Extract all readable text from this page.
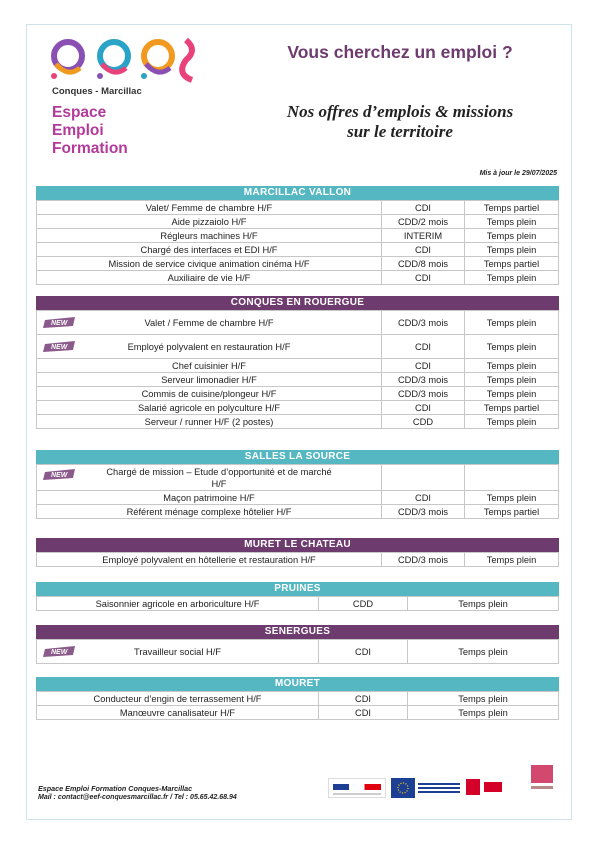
Conques - Marcillac
Espace
Emploi
Formation
Vous cherchez un emploi ?
Nos offres d’emplois & missions
sur le territoire
Mis à jour le 29/07/2025
MARCILLAC VALLON
Valet/ Femme de chambre H/F	CDI	Temps partiel
Aide pizzaiolo H/F	CDD/2 mois	Temps plein
Régleurs machines H/F	INTERIM	Temps plein
Chargé des interfaces et EDI H/F	CDI	Temps plein
Mission de service civique animation cinéma H/F	CDD/8 mois	Temps partiel
Auxiliaire de vie H/F	CDI	Temps plein
CONQUES EN ROUERGUE
NEW Valet / Femme de chambre H/F	CDD/3 mois	Temps plein

NEW Employé polyvalent en restauration H/F	CDI	Temps plein
Chef cuisinier H/F	CDI	Temps plein
Serveur limonadier H/F	CDD/3 mois	Temps plein
Commis de cuisine/plongeur H/F	CDD/3 mois	Temps plein
Salarié agricole en polyculture H/F	CDI	Temps partiel
Serveur / runner H/F (2 postes)	CDD	Temps plein
SALLES LA SOURCE
NEW Chargé de mission – Etude d’opportunité et de marché H/F		

Maçon patrimoine H/F	CDI	Temps plein
Référent ménage complexe hôtelier H/F	CDD/3 mois	Temps partiel
MURET LE CHATEAU
Employé polyvalent en hôtellerie et restauration H/F	CDD/3 mois	Temps plein
PRUINES
Saisonnier agricole en arboriculture H/F	CDD	Temps plein
SENERGUES
NEW	Travailleur social H/F	CDI	Temps plein
MOURET
Conducteur d’engin de terrassement H/F	CDI	Temps plein
Manœuvre canalisateur H/F	CDI	Temps plein
Espace Emploi Formation Conques-Marcillac
Mail : contact@eef-conquesmarcillac.fr / Tel : 05.65.42.68.94
